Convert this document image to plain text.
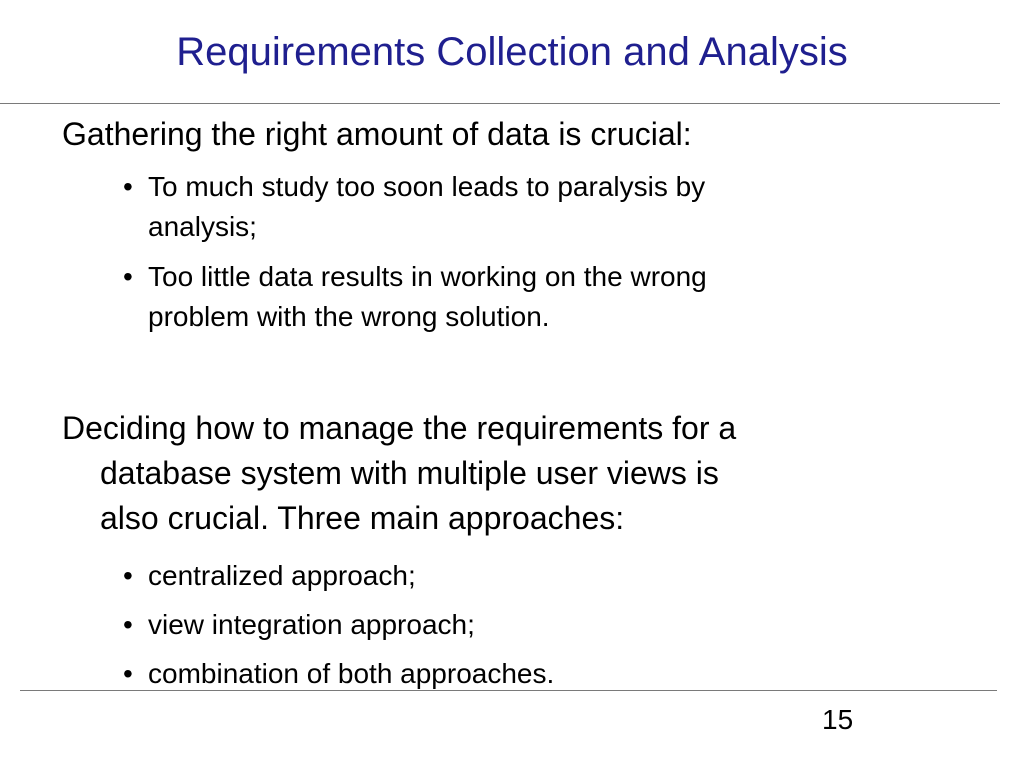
Requirements Collection and Analysis
Gathering the right amount of data is crucial:
• To much study too soon leads to paralysis by
analysis;
• Too little data results in working on the wrong
problem with the wrong solution.
Deciding how to manage the requirements for a
database system with multiple user views is
also crucial. Three main approaches:
• centralized approach;
• view integration approach;
• combination of both approaches.
15
